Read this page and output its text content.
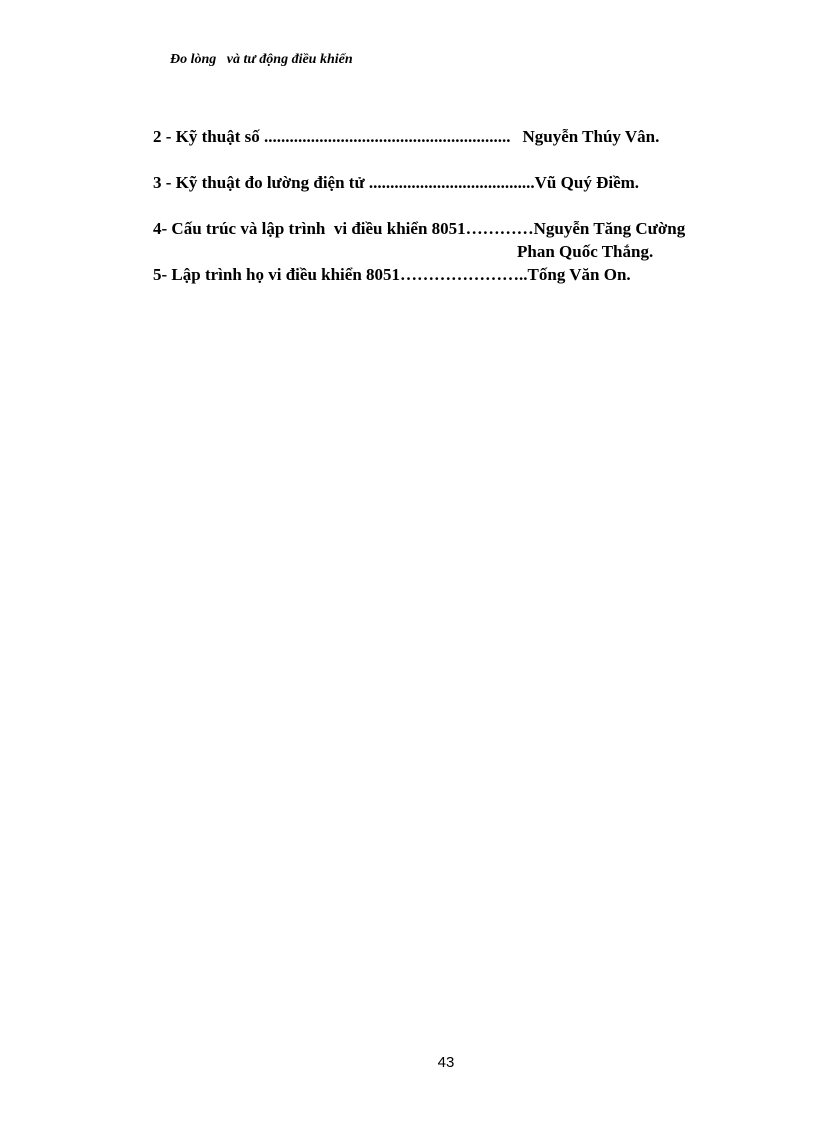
Đo lòng   và tư động điều khiển
2 - Kỹ thuật số .......................................................... Nguyễn Thúy Vân.
3 - Kỹ thuật đo lường điện tử .......................................Vũ Quý Điềm.
4- Cấu trúc và lập trình  vi điều khiển 8051…………Nguyễn Tăng Cường
Phan Quốc Thắng.
5- Lập trình họ vi điều khiển 8051…………………..Tống Văn On.
43
